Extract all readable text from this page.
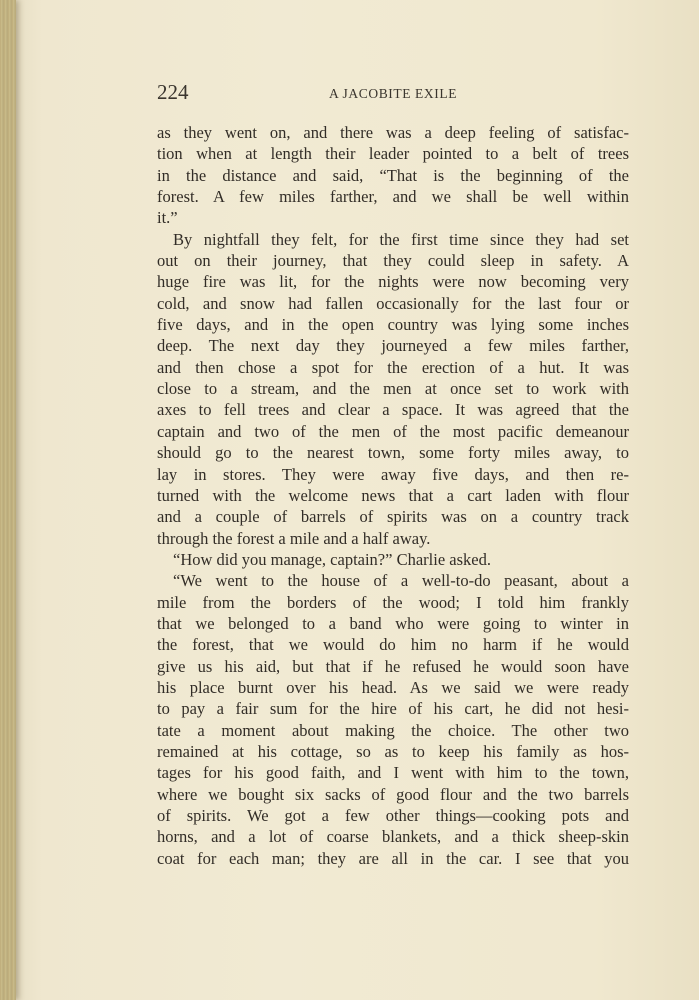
224	A JACOBITE EXILE
as they went on, and there was a deep feeling of satisfac-
tion when at length their leader pointed to a belt of trees
in the distance and said, “That is the beginning of the
forest. A few miles farther, and we shall be well within
it.”
By nightfall they felt, for the first time since they had set
out on their journey, that they could sleep in safety. A
huge fire was lit, for the nights were now becoming very
cold, and snow had fallen occasionally for the last four or
five days, and in the open country was lying some inches
deep. The next day they journeyed a few miles farther,
and then chose a spot for the erection of a hut. It was
close to a stream, and the men at once set to work with
axes to fell trees and clear a space. It was agreed that the
captain and two of the men of the most pacific demeanour
should go to the nearest town, some forty miles away, to
lay in stores. They were away five days, and then re-
turned with the welcome news that a cart laden with flour
and a couple of barrels of spirits was on a country track
through the forest a mile and a half away.
“How did you manage, captain?” Charlie asked.
“We went to the house of a well-to-do peasant, about a
mile from the borders of the wood; I told him frankly
that we belonged to a band who were going to winter in
the forest, that we would do him no harm if he would
give us his aid, but that if he refused he would soon have
his place burnt over his head. As we said we were ready
to pay a fair sum for the hire of his cart, he did not hesi-
tate a moment about making the choice. The other two
remained at his cottage, so as to keep his family as hos-
tages for his good faith, and I went with him to the town,
where we bought six sacks of good flour and the two barrels
of spirits. We got a few other things—cooking pots and
horns, and a lot of coarse blankets, and a thick sheep-skin
coat for each man; they are all in the car. I see that you
